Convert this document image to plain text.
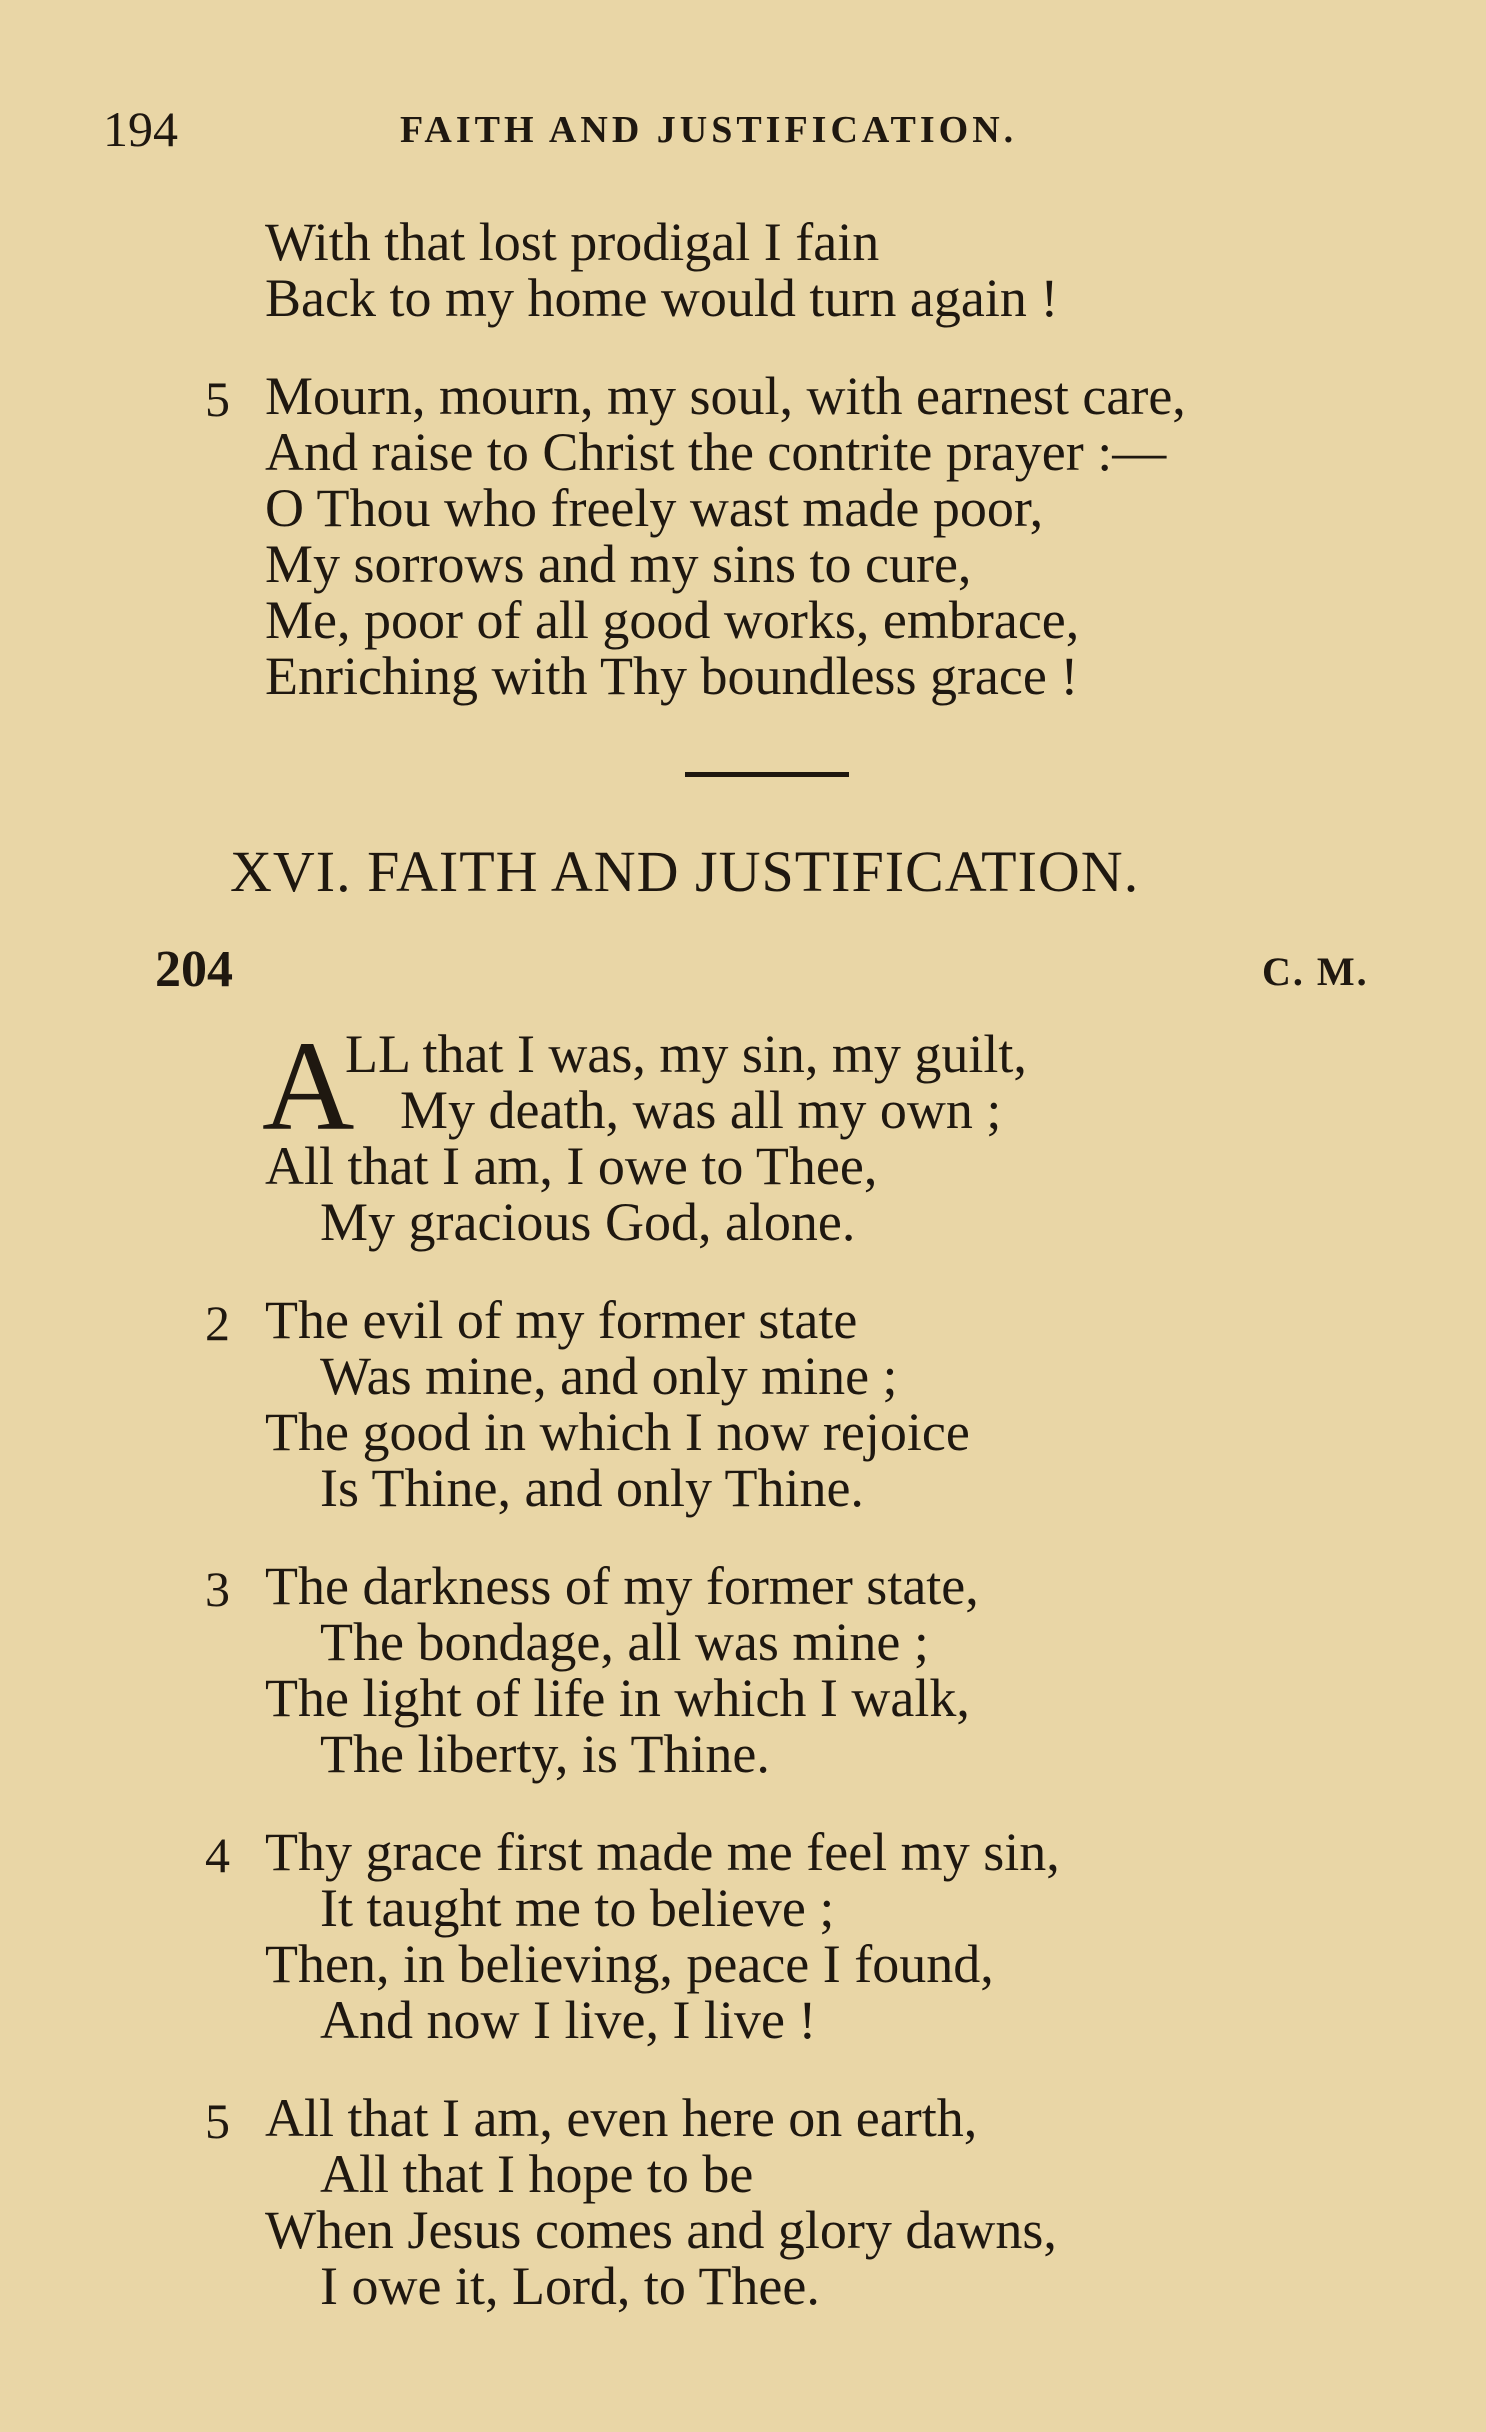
194	FAITH AND JUSTIFICATION.
With that lost prodigal I fain
Back to my home would turn again !
5 Mourn, mourn, my soul, with earnest care,
And raise to Christ the contrite prayer :—
O Thou who freely wast made poor,
My sorrows and my sins to cure,
Me, poor of all good works, embrace,
Enriching with Thy boundless grace !
XVI. FAITH AND JUSTIFICATION.
204	C. M.
A
LL that I was, my sin, my guilt,
My death, was all my own ;
All that I am, I owe to Thee,
My gracious God, alone.
2 The evil of my former state
Was mine, and only mine ;
The good in which I now rejoice
Is Thine, and only Thine.
3 The darkness of my former state,
The bondage, all was mine ;
The light of life in which I walk,
The liberty, is Thine.
4 Thy grace first made me feel my sin,
It taught me to believe ;
Then, in believing, peace I found,
And now I live, I live !
5 All that I am, even here on earth,
All that I hope to be
When Jesus comes and glory dawns,
I owe it, Lord, to Thee.
